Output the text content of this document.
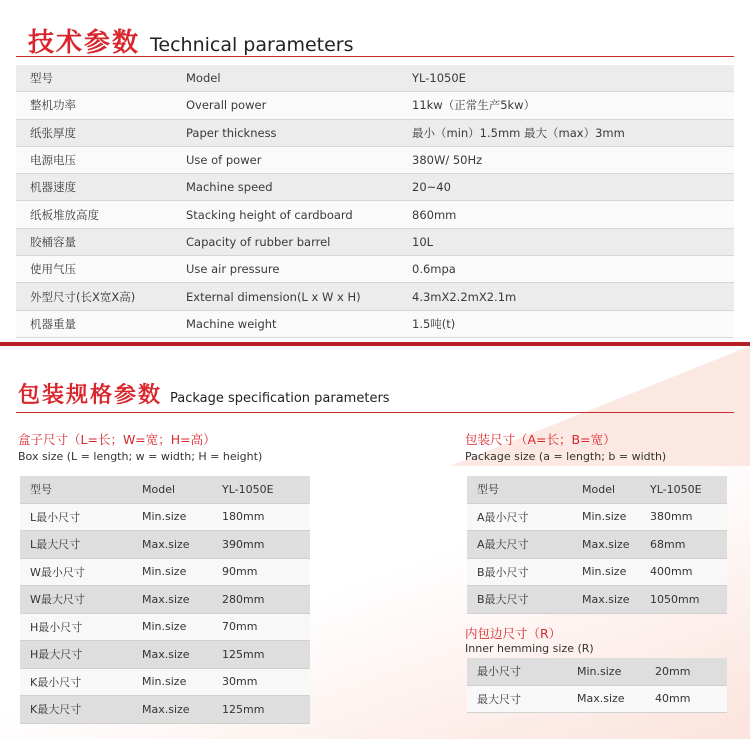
技术参数 Technical parameters
型号	Model	YL-1050E
整机功率	Overall power	11kw（正常生产5kw）
纸张厚度	Paper thickness	最小（min）1.5mm 最大（max）3mm
电源电压	Use of power	380W/ 50Hz
机器速度	Machine speed	20~40
纸板堆放高度	Stacking height of cardboard	860mm
胶桶容量	Capacity of rubber barrel	10L
使用气压	Use air pressure	0.6mpa
外型尺寸(长X宽X高)	External dimension(L x W x H)	4.3mX2.2mX2.1m
机器重量	Machine weight	1.5吨(t)
包装规格参数 Package specification parameters
盒子尺寸（L=长；W=宽；H=高）
Box size (L = length; w = width; H = height)
型号	Model	YL-1050E
L最小尺寸	Min.size	180mm
L最大尺寸	Max.size	390mm
W最小尺寸	Min.size	90mm
W最大尺寸	Max.size	280mm
H最小尺寸	Min.size	70mm
H最大尺寸	Max.size	125mm
K最小尺寸	Min.size	30mm
K最大尺寸	Max.size	125mm
包装尺寸（A=长；B=宽）
Package size (a = length; b = width)
型号	Model	YL-1050E
A最小尺寸	Min.size	380mm
A最大尺寸	Max.size	68mm
B最小尺寸	Min.size	400mm
B最大尺寸	Max.size	1050mm
内包边尺寸（R）
Inner hemming size (R)
最小尺寸	Min.size	20mm
最大尺寸	Max.size	40mm
